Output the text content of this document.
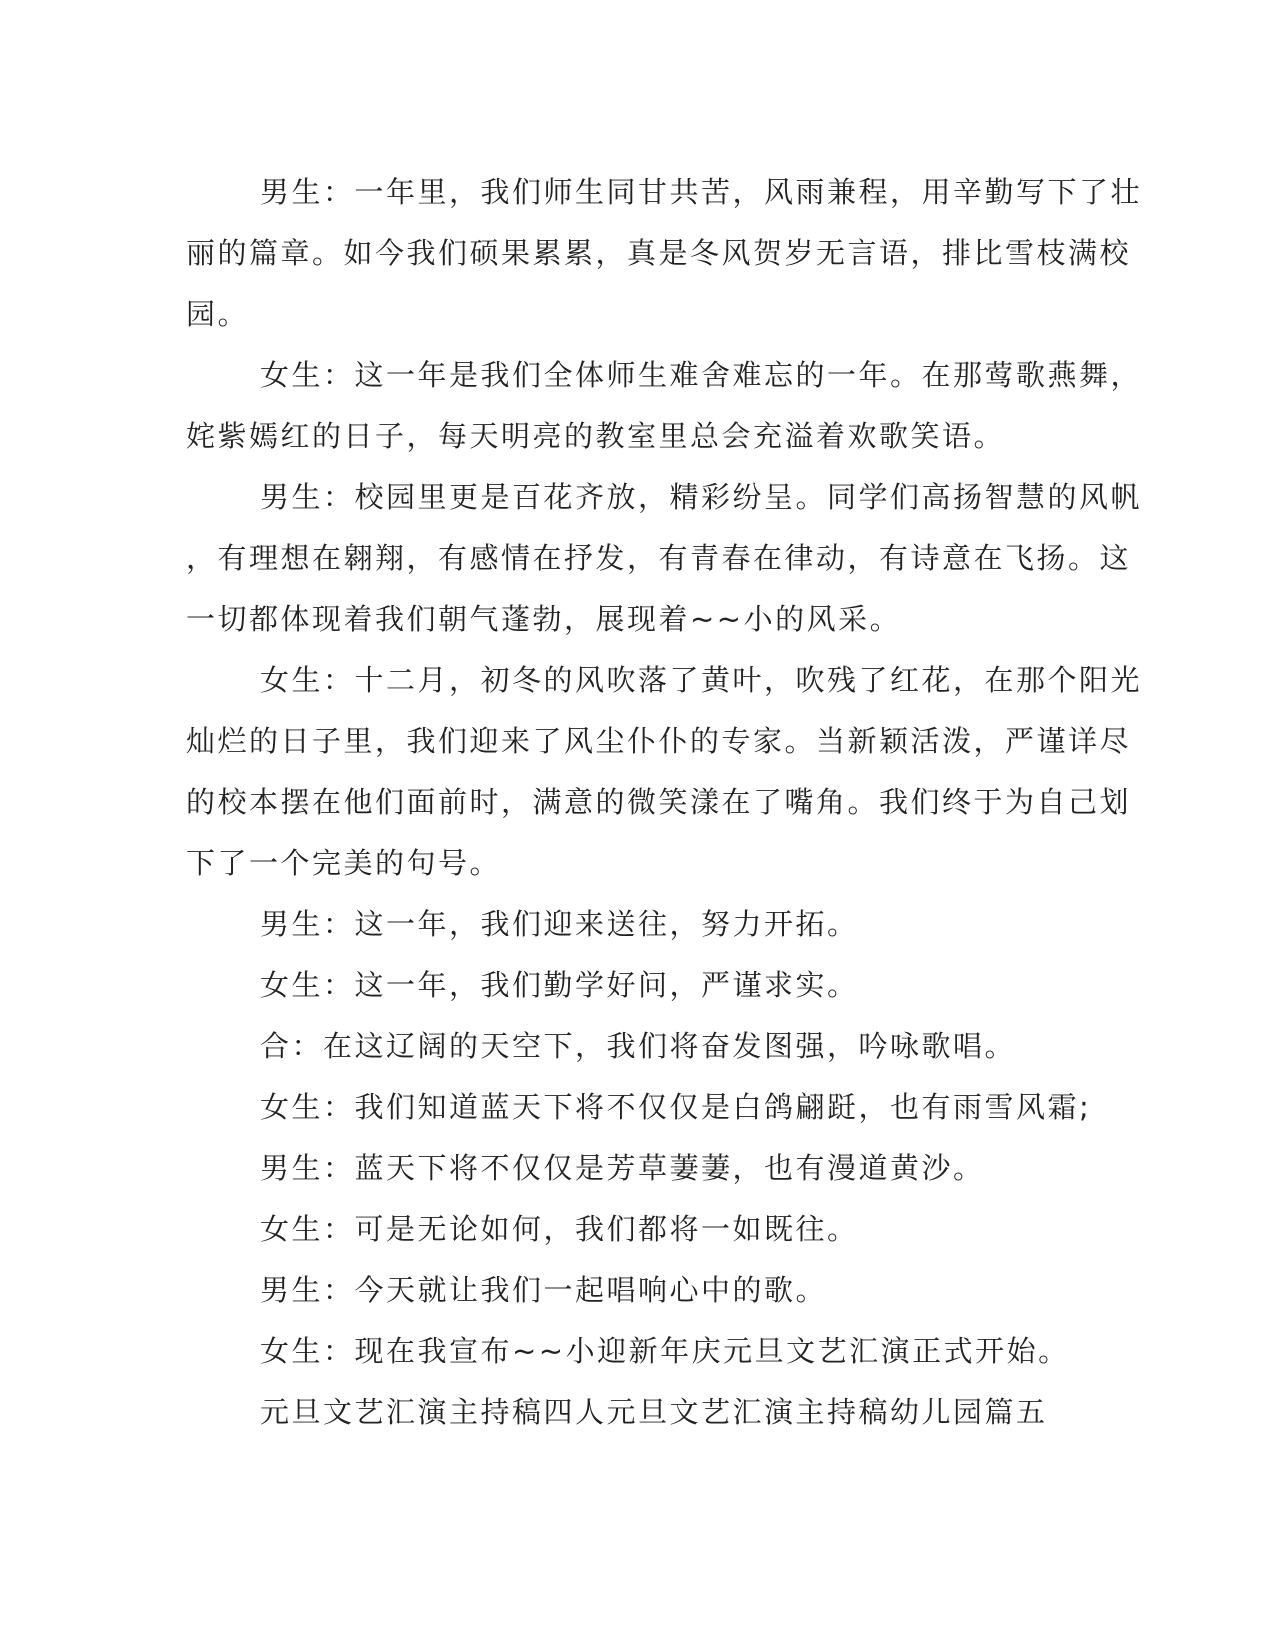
男生：一年里，我们师生同甘共苦，风雨兼程，用辛勤写下了壮
丽的篇章。如今我们硕果累累，真是冬风贺岁无言语，排比雪枝满校
园。
女生：这一年是我们全体师生难舍难忘的一年。在那莺歌燕舞，
姹紫嫣红的日子，每天明亮的教室里总会充溢着欢歌笑语。
男生：校园里更是百花齐放，精彩纷呈。同学们高扬智慧的风帆
，有理想在翱翔，有感情在抒发，有青春在律动，有诗意在飞扬。这
一切都体现着我们朝气蓬勃，展现着~~小的风采。
女生：十二月，初冬的风吹落了黄叶，吹残了红花，在那个阳光
灿烂的日子里，我们迎来了风尘仆仆的专家。当新颖活泼，严谨详尽
的校本摆在他们面前时，满意的微笑漾在了嘴角。我们终于为自己划
下了一个完美的句号。
男生：这一年，我们迎来送往，努力开拓。
女生：这一年，我们勤学好问，严谨求实。
合：在这辽阔的天空下，我们将奋发图强，吟咏歌唱。
女生：我们知道蓝天下将不仅仅是白鸽翩跹，也有雨雪风霜;
男生：蓝天下将不仅仅是芳草萋萋，也有漫道黄沙。
女生：可是无论如何，我们都将一如既往。
男生：今天就让我们一起唱响心中的歌。
女生：现在我宣布~~小迎新年庆元旦文艺汇演正式开始。
元旦文艺汇演主持稿四人元旦文艺汇演主持稿幼儿园篇五
